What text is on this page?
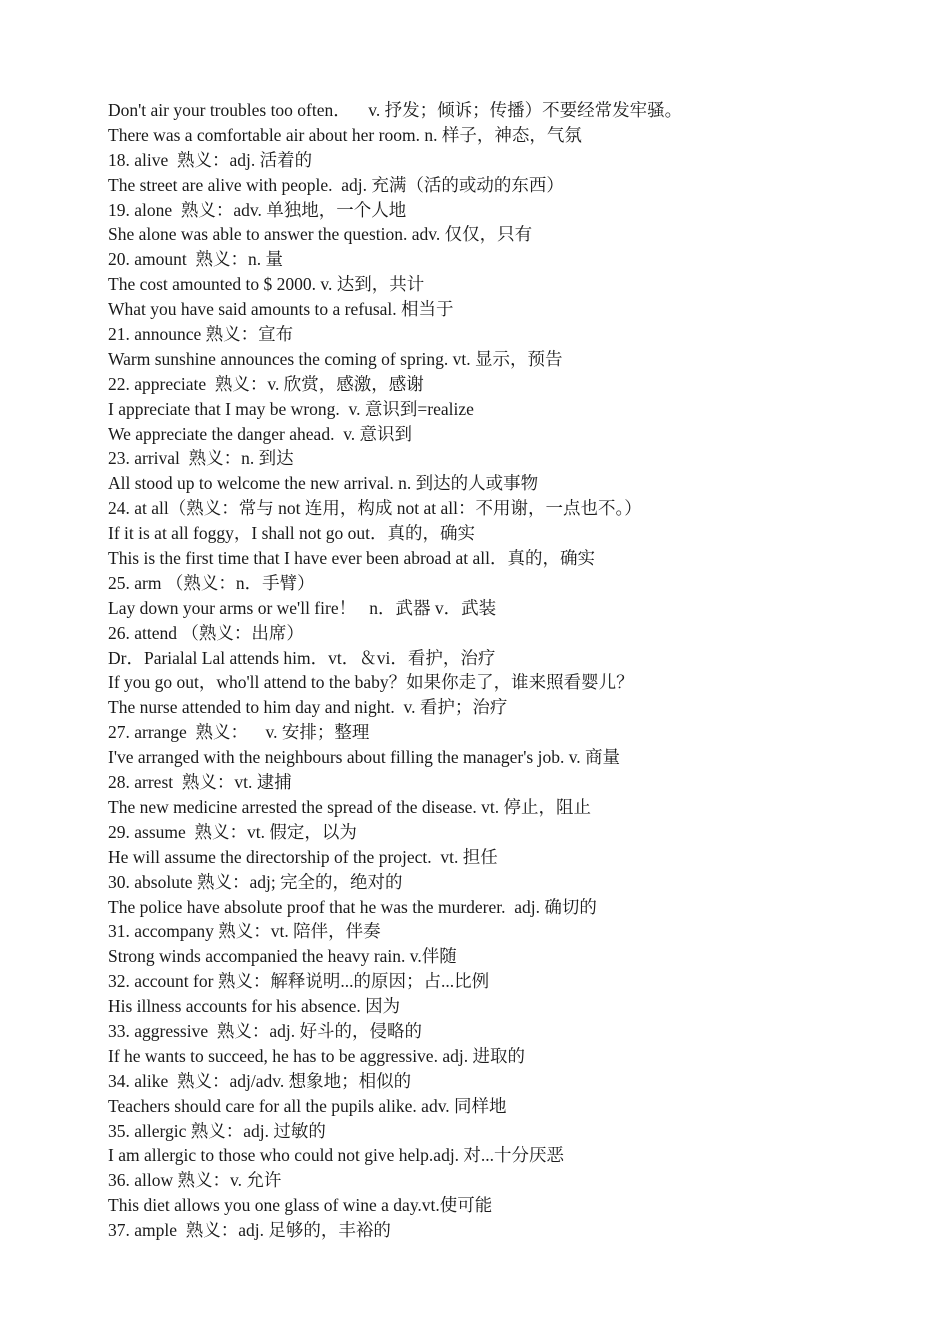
Don't air your troubles too often．    v. 抒发；倾诉；传播）不要经常发牢骚。

There was a comfortable air about her room. n. 样子，神态，气氛

18. alive  熟义：adj. 活着的

The street are alive with people.  adj. 充满（活的或动的东西）

19. alone  熟义：adv. 单独地，一个人地

She alone was able to answer the question. adv. 仅仅，只有

20. amount  熟义：n. 量

The cost amounted to $ 2000. v. 达到，共计

What you have said amounts to a refusal. 相当于

21. announce 熟义：宣布

Warm sunshine announces the coming of spring. vt. 显示，预告

22. appreciate  熟义：v. 欣赏，感激，感谢

I appreciate that I may be wrong.  v. 意识到=realize

We appreciate the danger ahead.  v. 意识到

23. arrival  熟义：n. 到达

All stood up to welcome the new arrival. n. 到达的人或事物

24. at all（熟义：常与 not 连用，构成 not at all：不用谢，一点也不。）

If it is at all foggy，I shall not go out．真的，确实

This is the first time that I have ever been abroad at all．真的，确实

25. arm （熟义：n．手臂）

Lay down your arms or we'll fire！   n．武器 v．武装

26. attend （熟义：出席）

Dr．Parialal Lal attends him．vt．＆vi．看护，治疗

If you go out，who'll attend to the baby？如果你走了，谁来照看婴儿？

The nurse attended to him day and night.  v. 看护；治疗

27. arrange  熟义：    v. 安排；整理

I've arranged with the neighbours about filling the manager's job. v. 商量

28. arrest  熟义：vt. 逮捕

The new medicine arrested the spread of the disease. vt. 停止，阻止

29. assume  熟义：vt. 假定，以为

He will assume the directorship of the project.  vt. 担任

30. absolute 熟义：adj; 完全的，绝对的

The police have absolute proof that he was the murderer.  adj. 确切的

31. accompany 熟义：vt. 陪伴，伴奏

Strong winds accompanied the heavy rain. v.伴随

32. account for 熟义：解释说明...的原因；占...比例

His illness accounts for his absence. 因为

33. aggressive  熟义：adj. 好斗的，侵略的

If he wants to succeed, he has to be aggressive. adj. 进取的

34. alike  熟义：adj/adv. 想象地；相似的

Teachers should care for all the pupils alike. adv. 同样地

35. allergic 熟义：adj. 过敏的

I am allergic to those who could not give help.adj. 对...十分厌恶

36. allow 熟义：v. 允许

This diet allows you one glass of wine a day.vt.使可能

37. ample  熟义：adj. 足够的，丰裕的
